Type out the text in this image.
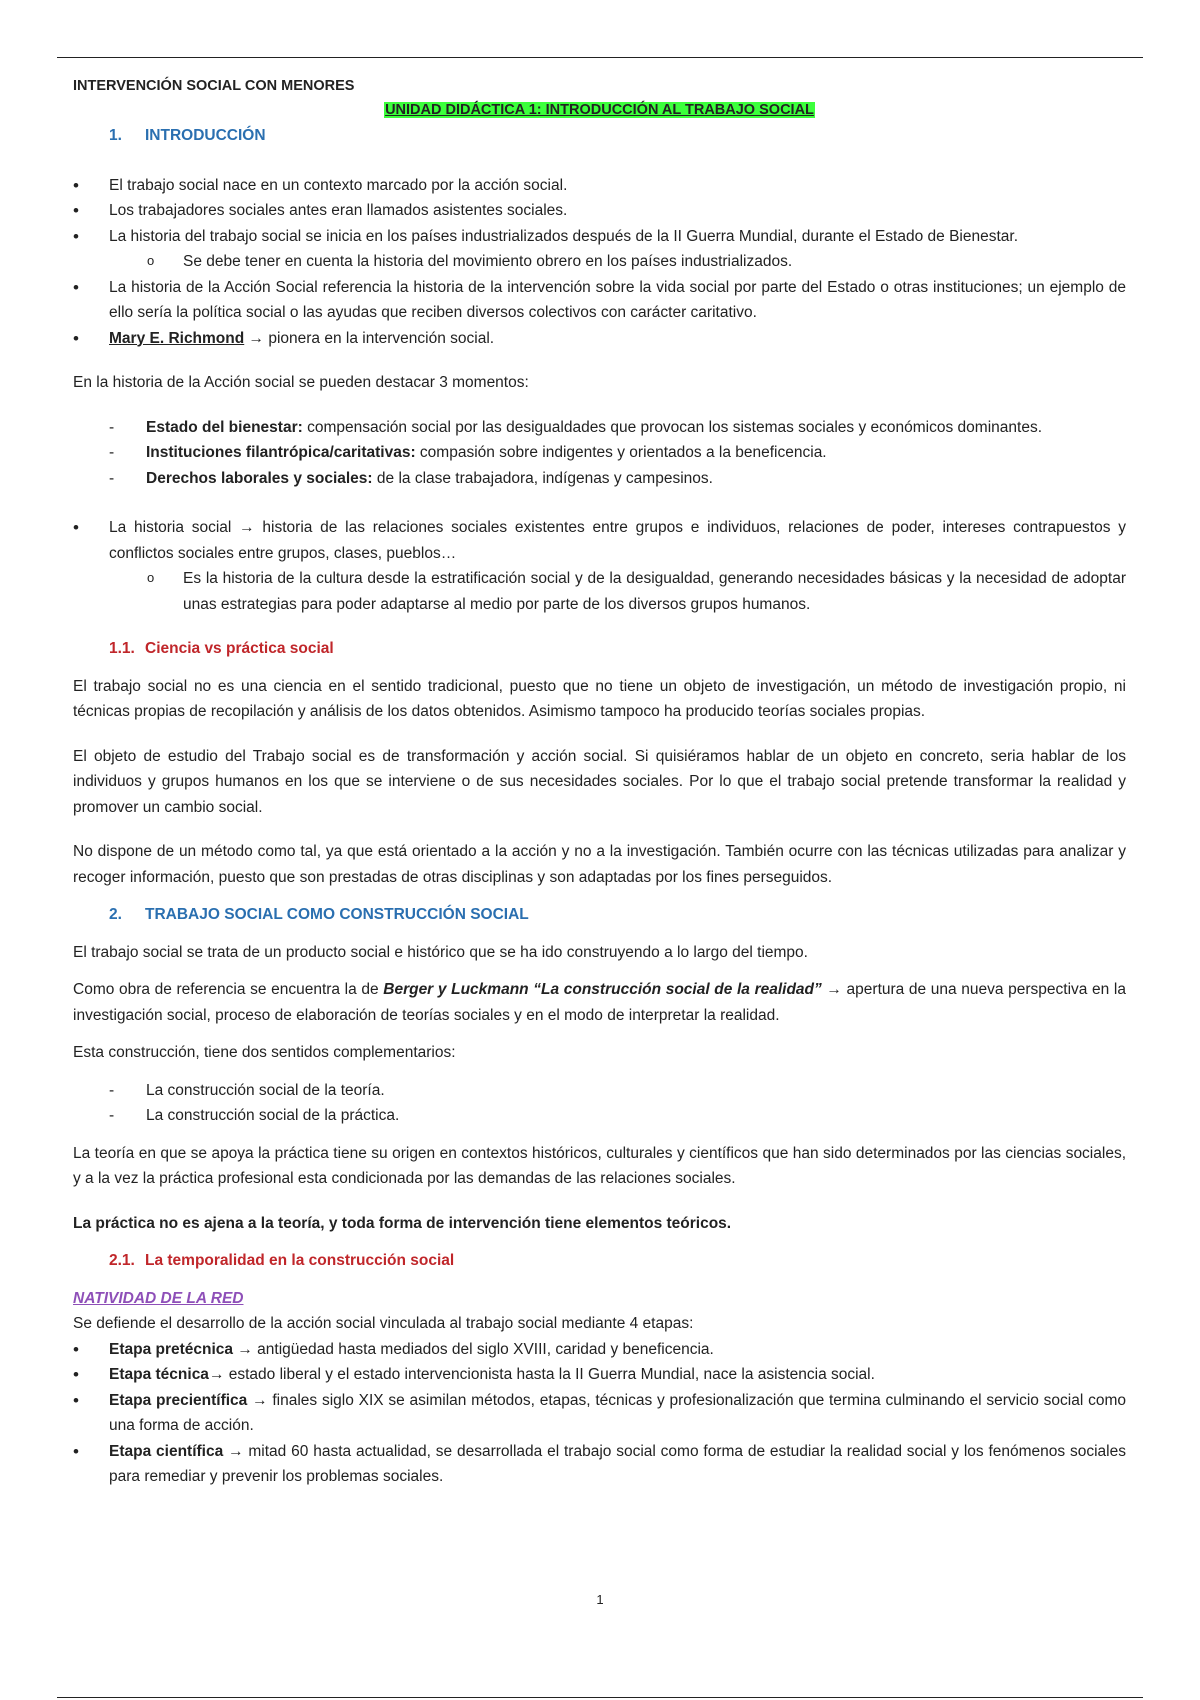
INTERVENCIÓN SOCIAL CON MENORES

UNIDAD DIDÁCTICA 1: INTRODUCCIÓN AL TRABAJO SOCIAL

1. INTRODUCCIÓN

• El trabajo social nace en un contexto marcado por la acción social.
• Los trabajadores sociales antes eran llamados asistentes sociales.
• La historia del trabajo social se inicia en los países industrializados después de la II Guerra Mundial, durante el Estado de Bienestar.
o Se debe tener en cuenta la historia del movimiento obrero en los países industrializados.
• La historia de la Acción Social referencia la historia de la intervención sobre la vida social por parte del Estado o otras instituciones; un ejemplo de ello sería la política social o las ayudas que reciben diversos colectivos con carácter caritativo.
• Mary E. Richmond → pionera en la intervención social.

En la historia de la Acción social se pueden destacar 3 momentos:

- Estado del bienestar: compensación social por las desigualdades que provocan los sistemas sociales y económicos dominantes.
- Instituciones filantrópica/caritativas: compasión sobre indigentes y orientados a la beneficencia.
- Derechos laborales y sociales: de la clase trabajadora, indígenas y campesinos.
• La historia social → historia de las relaciones sociales existentes entre grupos e individuos, relaciones de poder, intereses contrapuestos y conflictos sociales entre grupos, clases, pueblos…
o Es la historia de la cultura desde la estratificación social y de la desigualdad, generando necesidades básicas y la necesidad de adoptar unas estrategias para poder adaptarse al medio por parte de los diversos grupos humanos.

1.1. Ciencia vs práctica social

El trabajo social no es una ciencia en el sentido tradicional, puesto que no tiene un objeto de investigación, un método de investigación propio, ni técnicas propias de recopilación y análisis de los datos obtenidos. Asimismo tampoco ha producido teorías sociales propias.

El objeto de estudio del Trabajo social es de transformación y acción social. Si quisiéramos hablar de un objeto en concreto, seria hablar de los individuos y grupos humanos en los que se interviene o de sus necesidades sociales. Por lo que el trabajo social pretende transformar la realidad y promover un cambio social.

No dispone de un método como tal, ya que está orientado a la acción y no a la investigación. También ocurre con las técnicas utilizadas para analizar y recoger información, puesto que son prestadas de otras disciplinas y son adaptadas por los fines perseguidos.

2. TRABAJO SOCIAL COMO CONSTRUCCIÓN SOCIAL

El trabajo social se trata de un producto social e histórico que se ha ido construyendo a lo largo del tiempo.

Como obra de referencia se encuentra la de Berger y Luckmann “La construcción social de la realidad” → apertura de una nueva perspectiva en la investigación social, proceso de elaboración de teorías sociales y en el modo de interpretar la realidad.

Esta construcción, tiene dos sentidos complementarios:

- La construcción social de la teoría.
- La construcción social de la práctica.

La teoría en que se apoya la práctica tiene su origen en contextos históricos, culturales y científicos que han sido determinados por las ciencias sociales, y a la vez la práctica profesional esta condicionada por las demandas de las relaciones sociales.

La práctica no es ajena a la teoría, y toda forma de intervención tiene elementos teóricos.

2.1. La temporalidad en la construcción social

NATIVIDAD DE LA RED

Se defiende el desarrollo de la acción social vinculada al trabajo social mediante 4 etapas:

• Etapa pretécnica → antigüedad hasta mediados del siglo XVIII, caridad y beneficencia.
• Etapa técnica→ estado liberal y el estado intervencionista hasta la II Guerra Mundial, nace la asistencia social.
• Etapa precientífica → finales siglo XIX se asimilan métodos, etapas, técnicas y profesionalización que termina culminando el servicio social como una forma de acción.
• Etapa científica → mitad 60 hasta actualidad, se desarrollada el trabajo social como forma de estudiar la realidad social y los fenómenos sociales para remediar y prevenir los problemas sociales.
1
